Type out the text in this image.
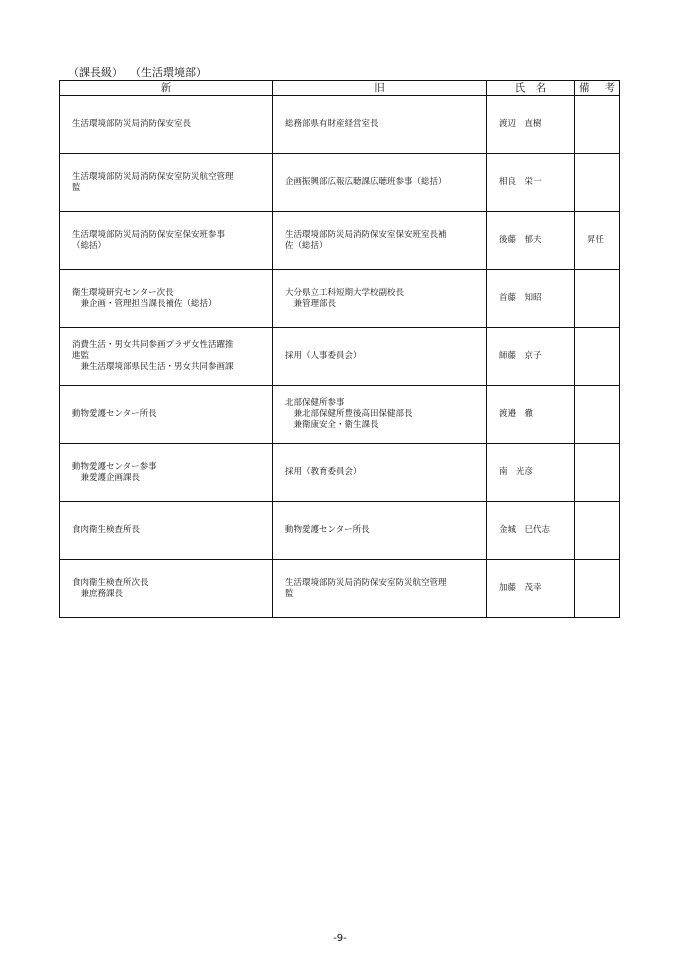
（課長級） （生活環境部）
新	旧	氏　名	備　考

生活環境部防災局消防保安室長	総務部県有財産経営室長	渡辺　直樹	

生活環境部防災局消防保安室防災航空管理
監	企画振興部広報広聴課広聴班参事（総括）	相良　栄一	

生活環境部防災局消防保安室保安班参事
（総括）	生活環境部防災局消防保安室保安班室長補
佐（総括）	後藤　郁夫	昇任

衛生環境研究センター次長
　兼企画・管理担当課長補佐（総括）	大分県立工科短期大学校副校長
　兼管理部長	首藤　知昭	

消費生活・男女共同参画プラザ女性活躍推
進監
　兼生活環境部県民生活・男女共同参画課	採用（人事委員会）	師藤　京子	

動物愛護センター所長	北部保健所参事
　兼北部保健所豊後高田保健部長
　兼衛康安全・衛生課長	渡邉　徹	

動物愛護センター参事
　兼愛護企画課長	採用（教育委員会）	南　光彦	

食肉衛生検査所長	動物愛護センター所長	金城　巳代志	

食肉衛生検査所次長
　兼庶務課長	生活環境部防災局消防保安室防災航空管理
監	加藤　茂幸	

-9-
